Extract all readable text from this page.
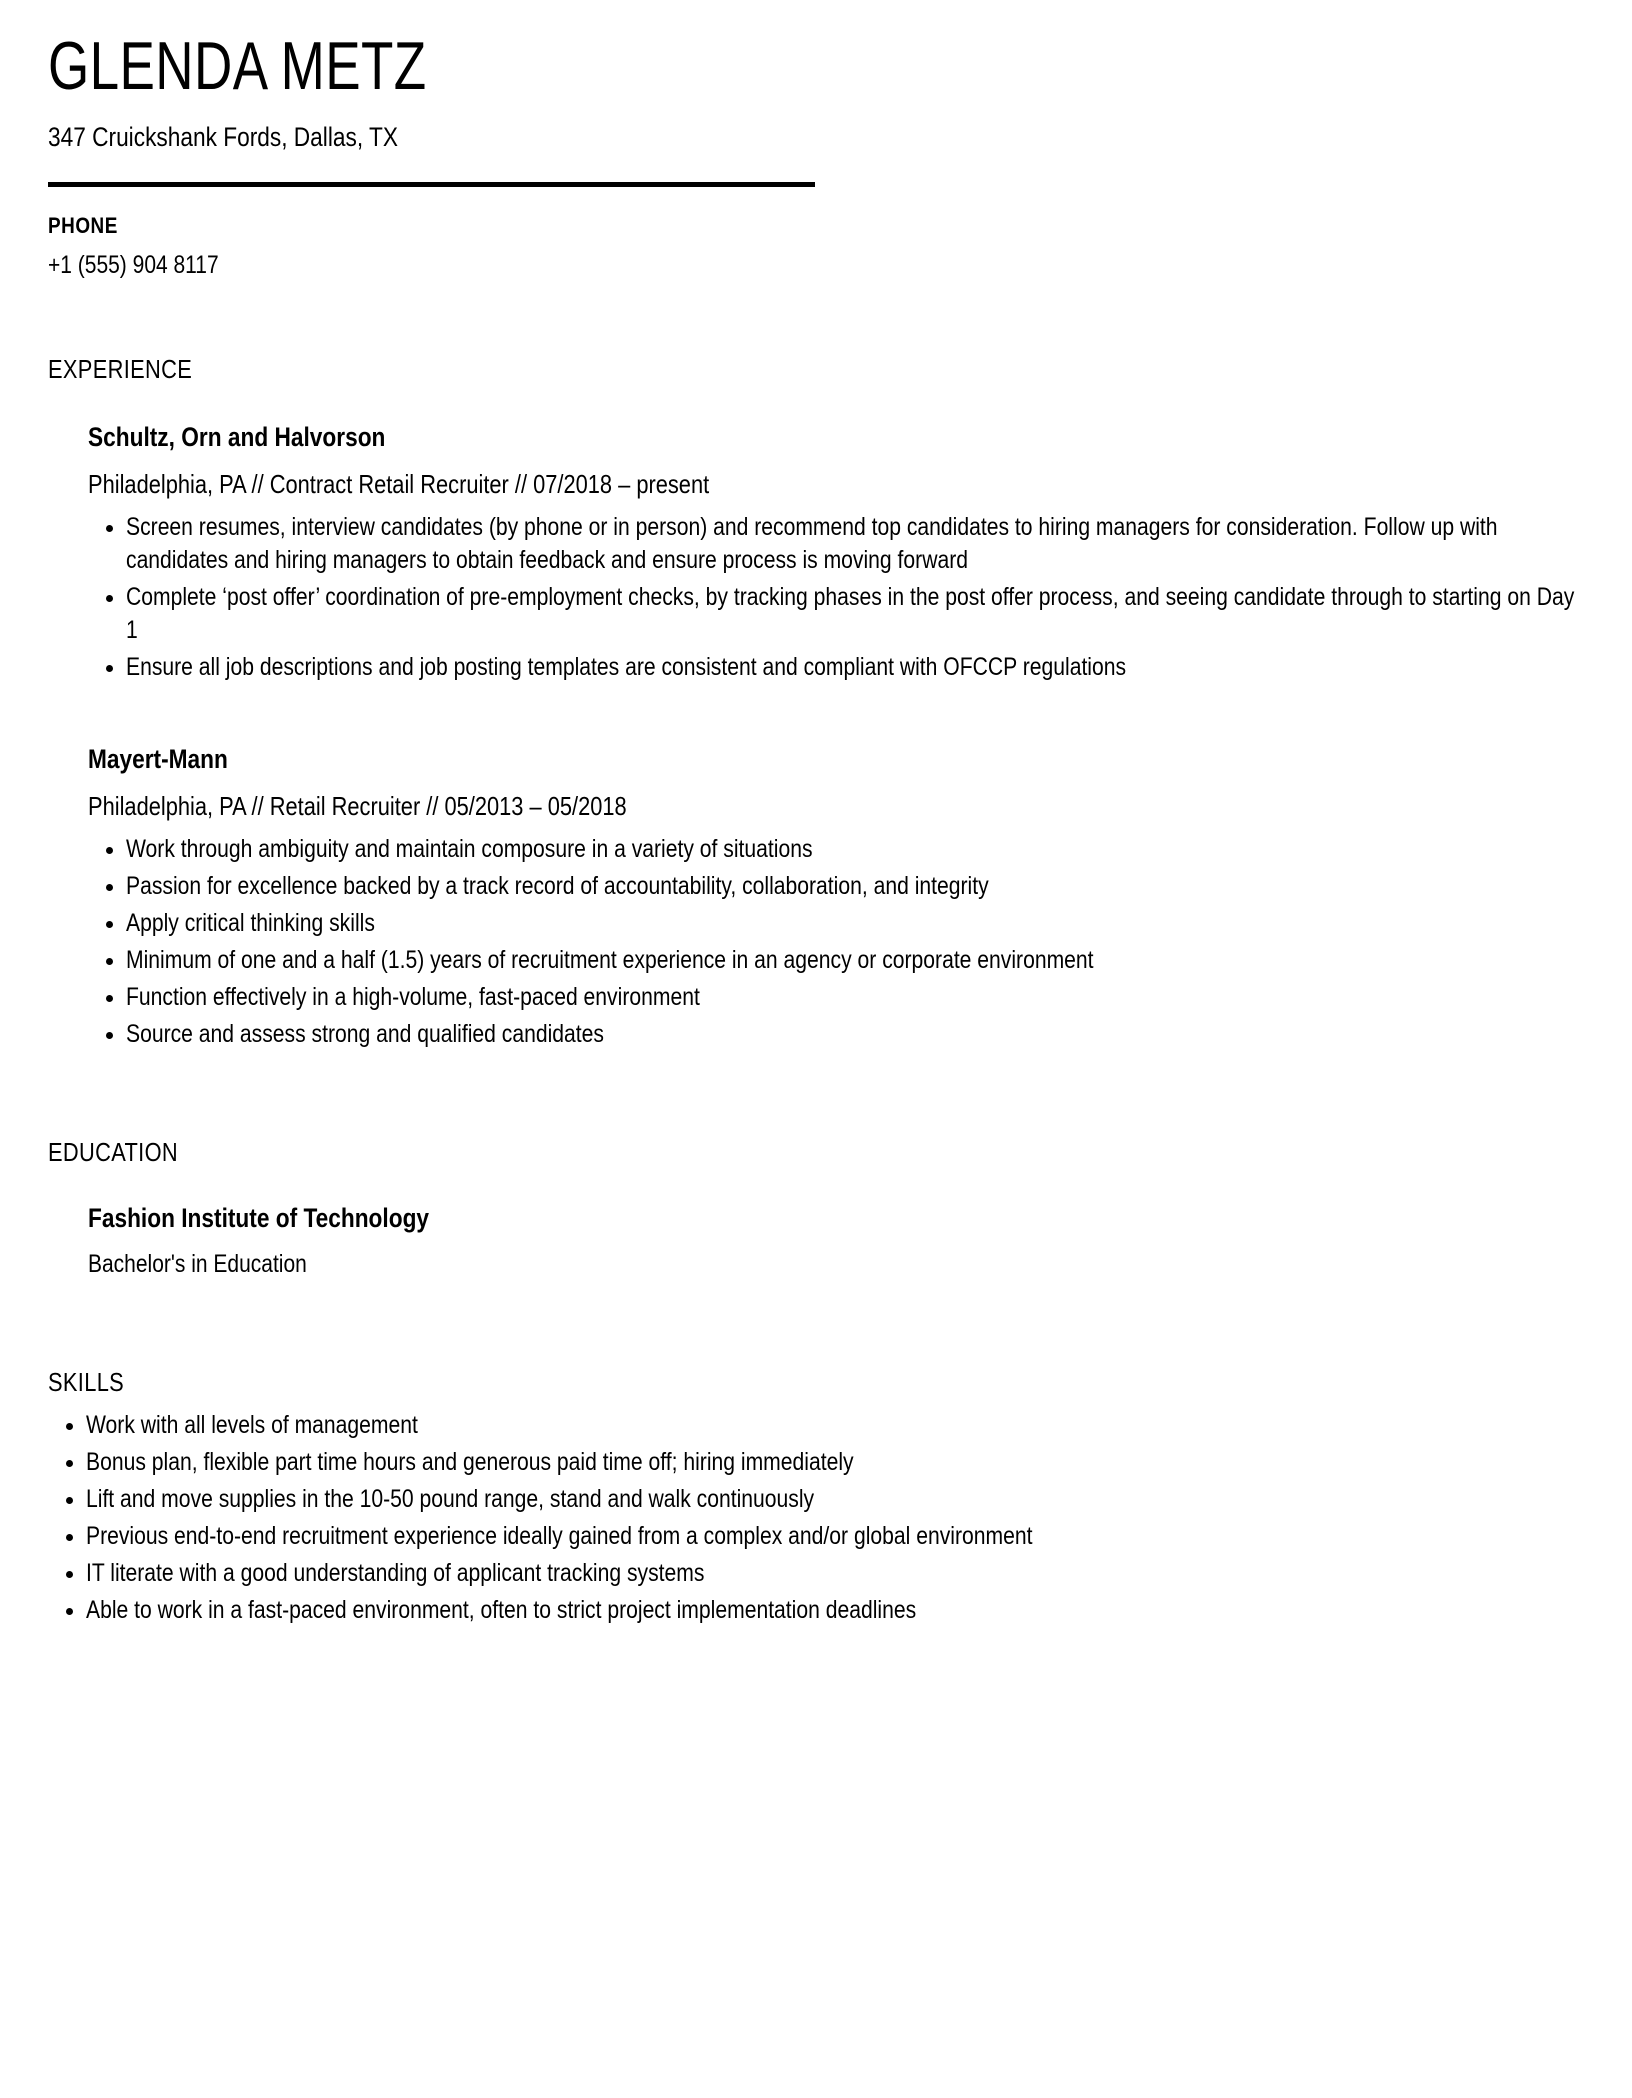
GLENDA METZ
347 Cruickshank Fords, Dallas, TX
PHONE
+1 (555) 904 8117
EXPERIENCE
Schultz, Orn and Halvorson
Philadelphia, PA // Contract Retail Recruiter // 07/2018 – present
Screen resumes, interview candidates (by phone or in person) and recommend top candidates to hiring managers for consideration. Follow up with candidates and hiring managers to obtain feedback and ensure process is moving forward
Complete ‘post offer’ coordination of pre-employment checks, by tracking phases in the post offer process, and seeing candidate through to starting on Day 1
Ensure all job descriptions and job posting templates are consistent and compliant with OFCCP regulations
Mayert-Mann
Philadelphia, PA // Retail Recruiter // 05/2013 – 05/2018
Work through ambiguity and maintain composure in a variety of situations
Passion for excellence backed by a track record of accountability, collaboration, and integrity
Apply critical thinking skills
Minimum of one and a half (1.5) years of recruitment experience in an agency or corporate environment
Function effectively in a high-volume, fast-paced environment
Source and assess strong and qualified candidates
EDUCATION
Fashion Institute of Technology
Bachelor's in Education
SKILLS
Work with all levels of management
Bonus plan, flexible part time hours and generous paid time off; hiring immediately
Lift and move supplies in the 10-50 pound range, stand and walk continuously
Previous end-to-end recruitment experience ideally gained from a complex and/or global environment
IT literate with a good understanding of applicant tracking systems
Able to work in a fast-paced environment, often to strict project implementation deadlines
